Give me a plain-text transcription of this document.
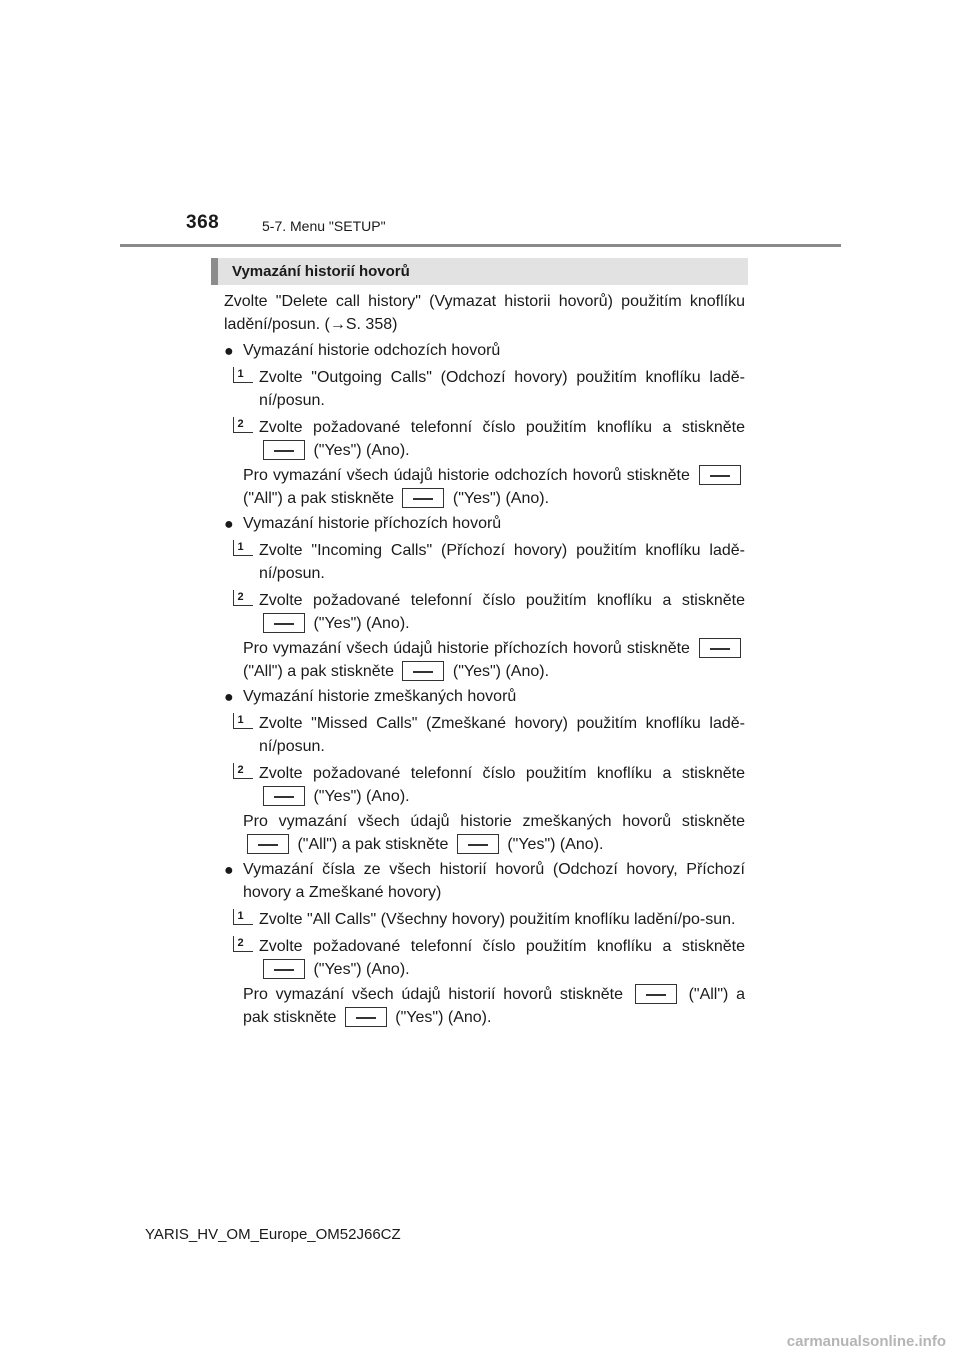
368	5-7. Menu "SETUP"
Vymazání historií hovorů

Zvolte "Delete call history" (Vymazat historii hovorů) použitím knoflíku ladění/posun. (→S. 358)

● Vymazání historie odchozích hovorů
1 Zvolte "Outgoing Calls" (Odchozí hovory) použitím knoflíku ladě-ní/posun.
2 Zvolte požadované telefonní číslo použitím knoflíku a stiskněte  ("Yes") (Ano).
Pro vymazání všech údajů historie odchozích hovorů stiskněte  ("All") a pak stiskněte	("Yes") (Ano).
● Vymazání historie příchozích hovorů
1 Zvolte "Incoming Calls" (Příchozí hovory) použitím knoflíku ladě-ní/posun.
2 Zvolte požadované telefonní číslo použitím knoflíku a stiskněte  ("Yes") (Ano).
Pro vymazání všech údajů historie příchozích hovorů stiskněte  ("All") a pak stiskněte	("Yes") (Ano).
● Vymazání historie zmeškaných hovorů
1 Zvolte "Missed Calls" (Zmeškané hovory) použitím knoflíku ladě-ní/posun.
2 Zvolte požadované telefonní číslo použitím knoflíku a stiskněte  ("Yes") (Ano).
Pro vymazání všech údajů historie zmeškaných hovorů stiskněte  ("All") a pak stiskněte	("Yes") (Ano).
● Vymazání čísla ze všech historií hovorů (Odchozí hovory, Příchozí hovory a Zmeškané hovory)
1 Zvolte "All Calls" (Všechny hovory) použitím knoflíku ladění/po-sun.
2 Zvolte požadované telefonní číslo použitím knoflíku a stiskněte  ("Yes") (Ano).
Pro vymazání všech údajů historií hovorů stiskněte	("All") a pak stiskněte	("Yes") (Ano).
YARIS_HV_OM_Europe_OM52J66CZ
carmanualsonline.info
